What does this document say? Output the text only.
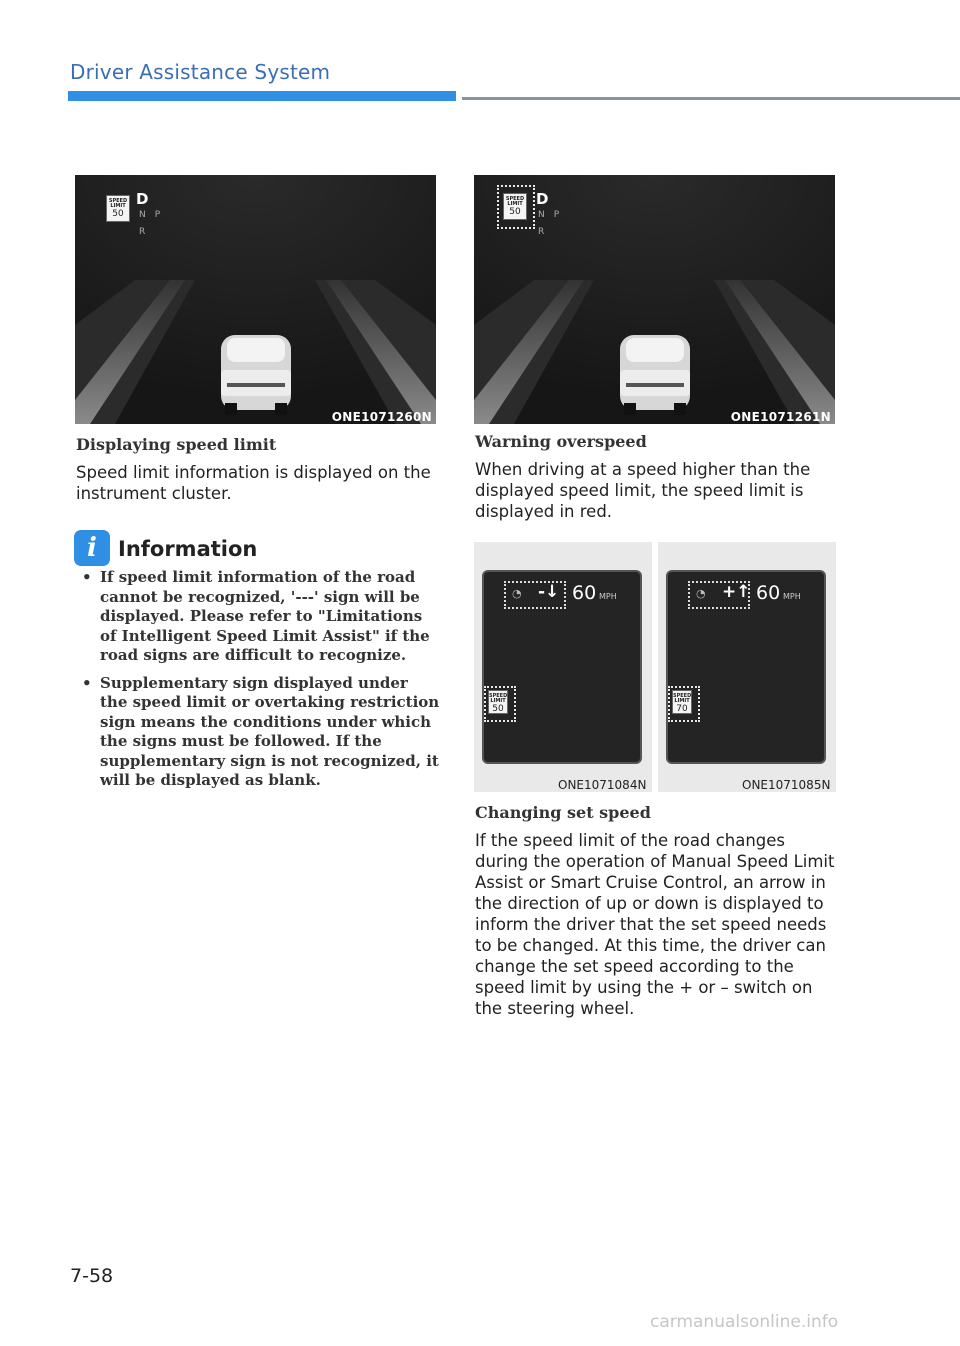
Driver Assistance System
SPEED LIMIT
50
D
NP
R
ONE1071260N
Displaying speed limit
Speed limit information is displayed on the instrument cluster.
i	Information
• If speed limit information of the road cannot be recognized, '---' sign will be displayed. Please refer to "Limitations of Intelligent Speed Limit Assist" if the road signs are difficult to recognize.
• Supplementary sign displayed under the speed limit or overtaking restriction sign means the conditions under which the signs must be followed. If the supplementary sign is not recognized, it will be displayed as blank.
SPEED LIMIT
50
D
NP
R
ONE1071261N
Warning overspeed
When driving at a speed higher than the displayed speed limit, the speed limit is displayed in red.
◔ -↓ 60 MPH
SPEED LIMIT
50
ONE1071084N
◔ +↑ 60 MPH
SPEED LIMIT
70
ONE1071085N
Changing set speed
If the speed limit of the road changes during the operation of Manual Speed Limit Assist or Smart Cruise Control, an arrow in the direction of up or down is displayed to inform the driver that the set speed needs to be changed. At this time, the driver can change the set speed according to the speed limit by using the + or – switch on the steering wheel.
7-58
carmanualsonline.info
